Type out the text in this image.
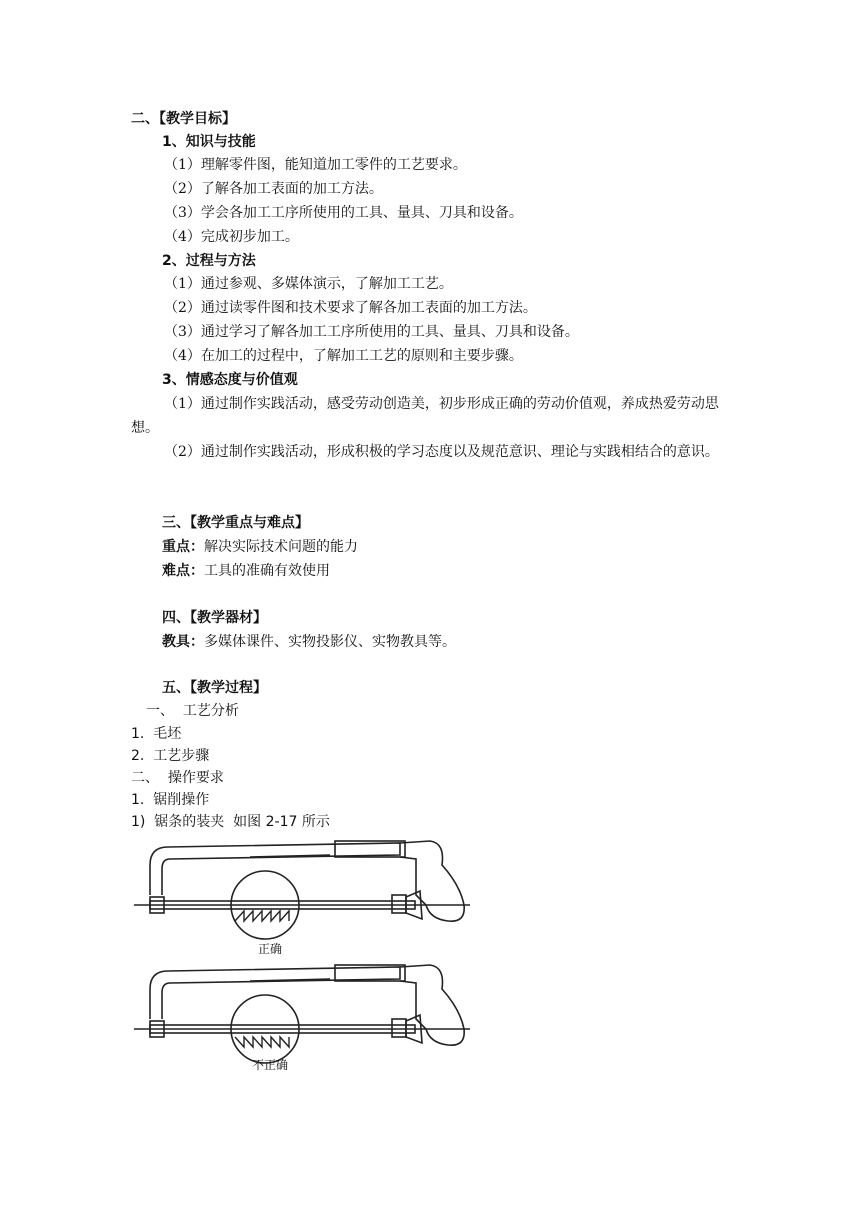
二、【教学目标】
1、知识与技能
（1）理解零件图，能知道加工零件的工艺要求。
（2）了解各加工表面的加工方法。
（3）学会各加工工序所使用的工具、量具、刀具和设备。
（4）完成初步加工。
2、过程与方法
（1）通过参观、多媒体演示，了解加工工艺。
（2）通过读零件图和技术要求了解各加工表面的加工方法。
（3）通过学习了解各加工工序所使用的工具、量具、刀具和设备。
（4）在加工的过程中，了解加工工艺的原则和主要步骤。
3、情感态度与价值观
（1）通过制作实践活动，感受劳动创造美，初步形成正确的劳动价值观，养成热爱劳动思想。
（2）通过制作实践活动，形成积极的学习态度以及规范意识、理论与实践相结合的意识。
三、【教学重点与难点】
重点：解决实际技术问题的能力
难点：工具的准确有效使用
四、【教学器材】
教具：多媒体课件、实物投影仪、实物教具等。
五、【教学过程】
一、  工艺分析
1.  毛坯
2.  工艺步骤
二、  操作要求
1.  锯削操作
1)  锯条的装夹  如图 2-17 所示
正确
不正确
